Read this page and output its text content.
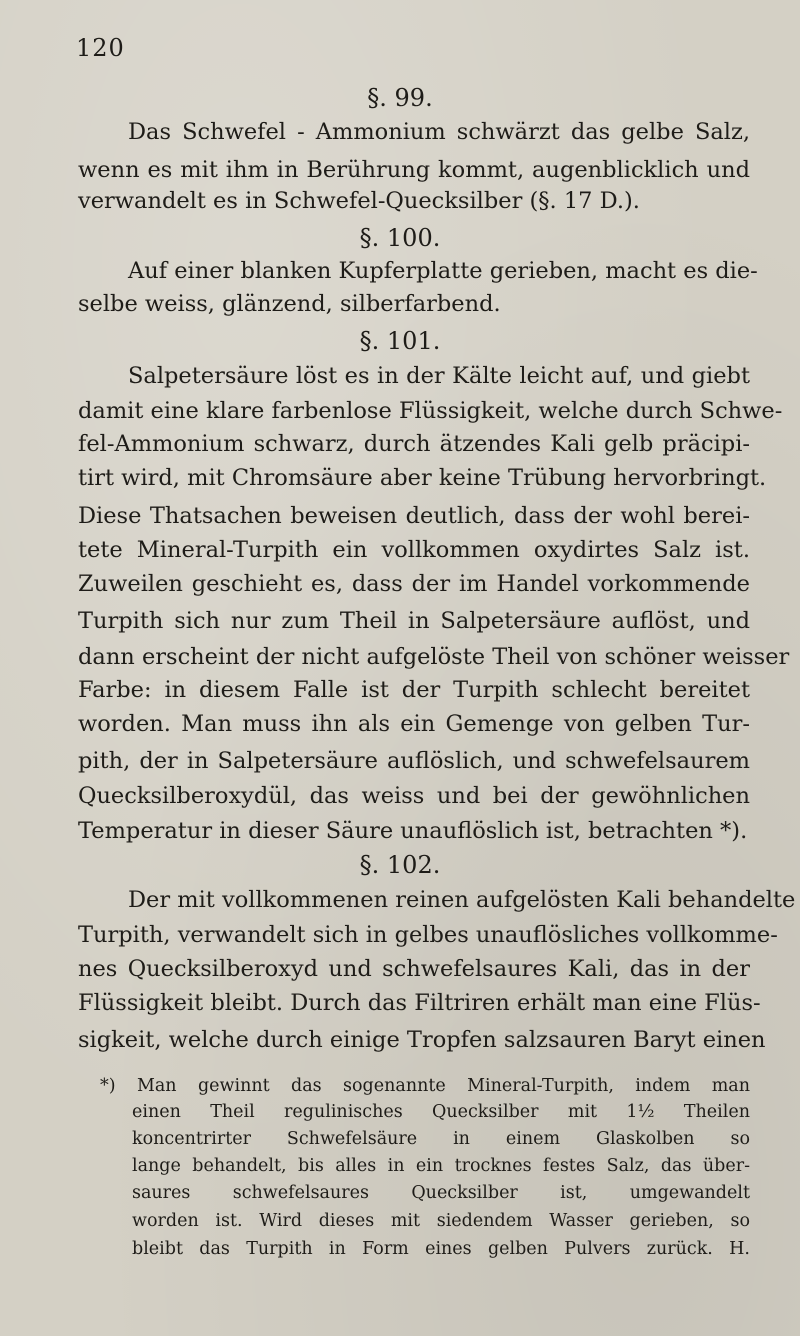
120
§. 99.
Das Schwefel - Ammonium schwärzt das gelbe Salz,
wenn es mit ihm in Berührung kommt, augenblicklich und
verwandelt es in Schwefel-Quecksilber (§. 17 D.).
§. 100.
Auf einer blanken Kupferplatte gerieben, macht es die-
selbe weiss, glänzend, silberfarbend.
§. 101.
Salpetersäure löst es in der Kälte leicht auf, und giebt
damit eine klare farbenlose Flüssigkeit, welche durch Schwe-
fel-Ammonium schwarz, durch ätzendes Kali gelb präcipi-
tirt wird, mit Chromsäure aber keine Trübung hervorbringt.
Diese Thatsachen beweisen deutlich, dass der wohl berei-
tete Mineral-Turpith ein vollkommen oxydirtes Salz ist.
Zuweilen geschieht es, dass der im Handel vorkommende
Turpith sich nur zum Theil in Salpetersäure auflöst, und
dann erscheint der nicht aufgelöste Theil von schöner weisser
Farbe: in diesem Falle ist der Turpith schlecht bereitet
worden. Man muss ihn als ein Gemenge von gelben Tur-
pith, der in Salpetersäure auflöslich, und schwefelsaurem
Quecksilberoxydül, das weiss und bei der gewöhnlichen
Temperatur in dieser Säure unauflöslich ist, betrachten *).
§. 102.
Der mit vollkommenen reinen aufgelösten Kali behandelte
Turpith, verwandelt sich in gelbes unauflösliches vollkomme-
nes Quecksilberoxyd und schwefelsaures Kali, das in der
Flüssigkeit bleibt. Durch das Filtriren erhält man eine Flüs-
sigkeit, welche durch einige Tropfen salzsauren Baryt einen
*) Man gewinnt das sogenannte Mineral-Turpith, indem man
einen Theil regulinisches Quecksilber mit 1½ Theilen
koncentrirter Schwefelsäure in einem Glaskolben so
lange behandelt, bis alles in ein trocknes festes Salz, das über-
saures schwefelsaures Quecksilber ist, umgewandelt
worden ist. Wird dieses mit siedendem Wasser gerieben, so
bleibt das Turpith in Form eines gelben Pulvers zurück. H.
